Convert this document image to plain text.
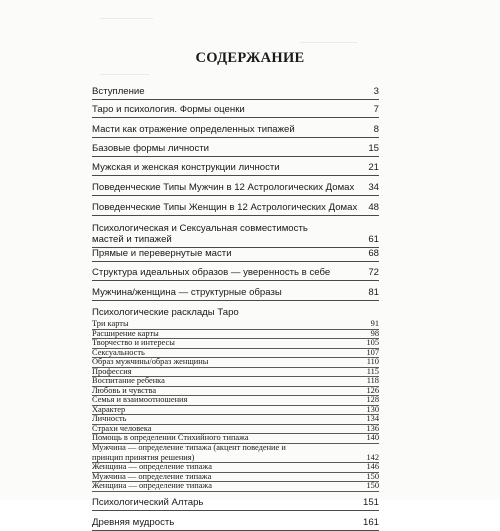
~~~~~~~~~~~~~
~~~~~~~~~~~~~~
~~~~~~~~~~~~
СОДЕРЖАНИЕ
Вступление	3
Таро и психология. Формы оценки	7
Масти как отражение определенных типажей	8
Базовые формы личности	15
Мужская и женская конструкции личности	21
Поведенческие Типы Мужчин в 12 Астрологических Домах	34
Поведенческие Типы Женщин в 12 Астрологических Домах	48
Психологическая и Сексуальная совместимость
мастей и типажей	61
Прямые и перевернутые масти	68
Структура идеальных образов — уверенность в себе	72
Мужчина/женщина — структурные образы	81
Психологические расклады Таро
Три карты	91
Расширение карты	98
Творчество и интересы	105
Сексуальность	107
Образ мужчины/образ женщины	110
Профессия	115
Воспитание ребенка	118
Любовь и чувства	126
Семья и взаимоотношения	128
Характер	130
Личность	134
Страхи человека	136
Помощь в определении Стихийного типажа	140
Мужчина — определение типажа (акцент поведение и
принцип принятия решения)	142
Женщина — определение типажа	146
Мужчина — определение типажа	150
Женщина — определение типажа	150
Психологический Алтарь	151
Древняя мудрость	161
